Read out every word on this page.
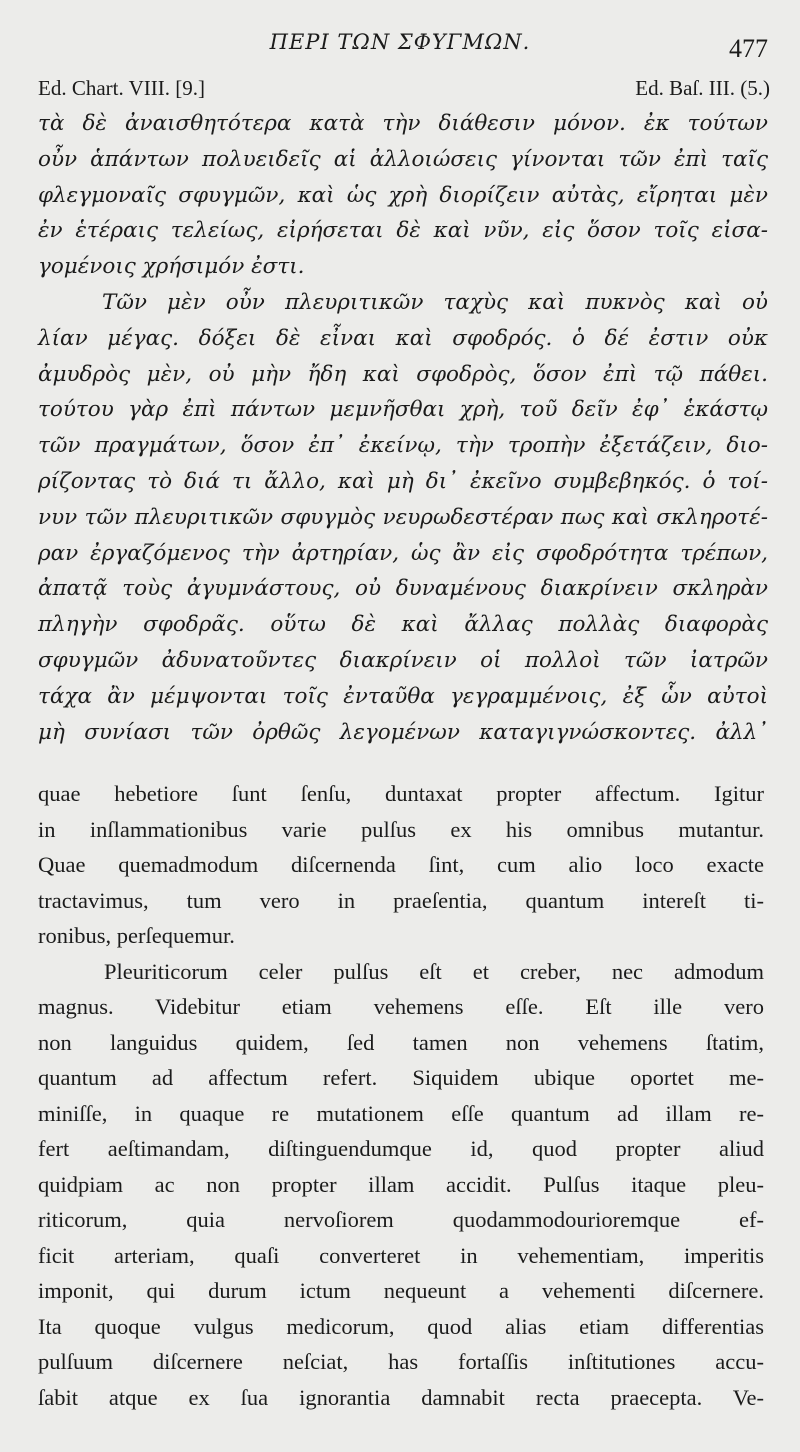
ΠΕΡΙ ΤΩΝ ΣΦΥΓΜΩΝ.	477
Ed. Chart. VIII. [9.]	Ed. Baſ. III. (5.)
τὰ δὲ ἀναισθητότερα κατὰ τὴν διάθεσιν μόνον. ἐκ τούτων
οὖν ἁπάντων πολυειδεῖς αἱ ἀλλοιώσεις γίνονται τῶν ἐπὶ ταῖς
φλεγμοναῖς σφυγμῶν, καὶ ὡς χρὴ διορίζειν αὐτὰς, εἴρηται μὲν
ἐν ἑτέραις τελείως, εἰρήσεται δὲ καὶ νῦν, εἰς ὅσον τοῖς εἰσα-
γομένοις χρήσιμόν ἐστι.
Τῶν μὲν οὖν πλευριτικῶν ταχὺς καὶ πυκνὸς καὶ οὐ
λίαν μέγας. δόξει δὲ εἶναι καὶ σφοδρός. ὁ δέ ἐστιν οὐκ
ἀμυδρὸς μὲν, οὐ μὴν ἤδη καὶ σφοδρὸς, ὅσον ἐπὶ τῷ πάθει.
τούτου γὰρ ἐπὶ πάντων μεμνῆσθαι χρὴ, τοῦ δεῖν ἐφ᾽ ἑκάστῳ
τῶν πραγμάτων, ὅσον ἐπ᾽ ἐκείνῳ, τὴν τροπὴν ἐξετάζειν, διο-
ρίζοντας τὸ διά τι ἄλλο, καὶ μὴ δι᾽ ἐκεῖνο συμβεβηκός. ὁ τοί-
νυν τῶν πλευριτικῶν σφυγμὸς νευρωδεστέραν πως καὶ σκληροτέ-
ραν ἐργαζόμενος τὴν ἀρτηρίαν, ὡς ἂν εἰς σφοδρότητα τρέπων,
ἀπατᾷ τοὺς ἀγυμνάστους, οὐ δυναμένους διακρίνειν σκληρὰν
πληγὴν σφοδρᾶς. οὕτω δὲ καὶ ἄλλας πολλὰς διαφορὰς
σφυγμῶν ἀδυνατοῦντες διακρίνειν οἱ πολλοὶ τῶν ἰατρῶν
τάχα ἂν μέμψονται τοῖς ἐνταῦθα γεγραμμένοις, ἐξ ὧν αὐτοὶ
μὴ συνίασι τῶν ὀρθῶς λεγομένων καταγιγνώσκοντες. ἀλλ᾽
quae hebetiore ſunt ſenſu, duntaxat propter affectum. Igitur
in inſlammationibus varie pulſus ex his omnibus mutantur.
Quae quemadmodum diſcernenda ſint, cum alio loco exacte
tractavimus, tum vero in praeſentia, quantum intereſt ti-
ronibus, perſequemur.
Pleuriticorum celer pulſus eſt et creber, nec admodum
magnus. Videbitur etiam vehemens eſſe. Eſt ille vero
non languidus quidem, ſed tamen non vehemens ſtatim,
quantum ad affectum refert. Siquidem ubique oportet me-
miniſſe, in quaque re mutationem eſſe quantum ad illam re-
fert aeſtimandam, diſtinguendumque id, quod propter aliud
quidpiam ac non propter illam accidit. Pulſus itaque pleu-
riticorum, quia nervoſiorem quodammodourioremque ef-
ficit arteriam, quaſi converteret in vehementiam, imperitis
imponit, qui durum ictum nequeunt a vehementi diſcernere.
Ita quoque vulgus medicorum, quod alias etiam differentias
pulſuum diſcernere neſciat, has fortaſſis inſtitutiones accu-
ſabit atque ex ſua ignorantia damnabit recta praecepta. Ve-
